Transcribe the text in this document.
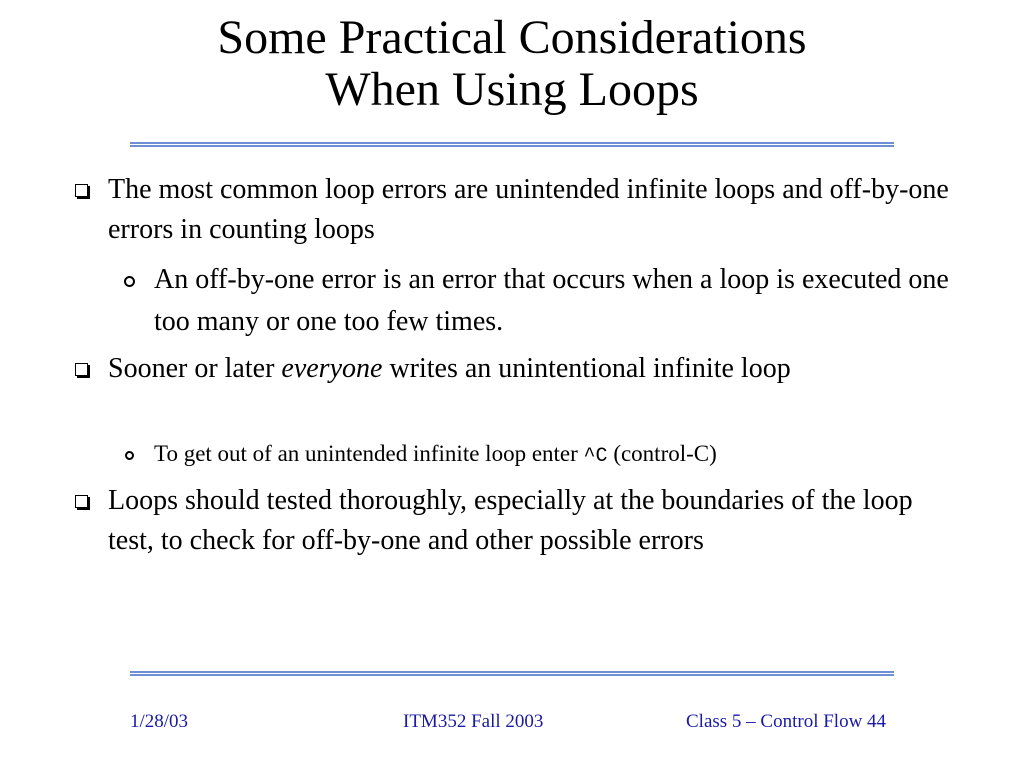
Some Practical Considerations
When Using Loops
The most common loop errors are unintended infinite loops and off-by-one errors in counting loops
An off-by-one error is an error that occurs when a loop is executed one too many or one too few times.
Sooner or later everyone writes an unintentional infinite loop
To get out of an unintended infinite loop enter ^C (control-C)
Loops should tested thoroughly, especially at the boundaries of the loop test, to check for off-by-one and other possible errors
1/28/03	ITM352 Fall 2003	Class 5 – Control Flow 44
